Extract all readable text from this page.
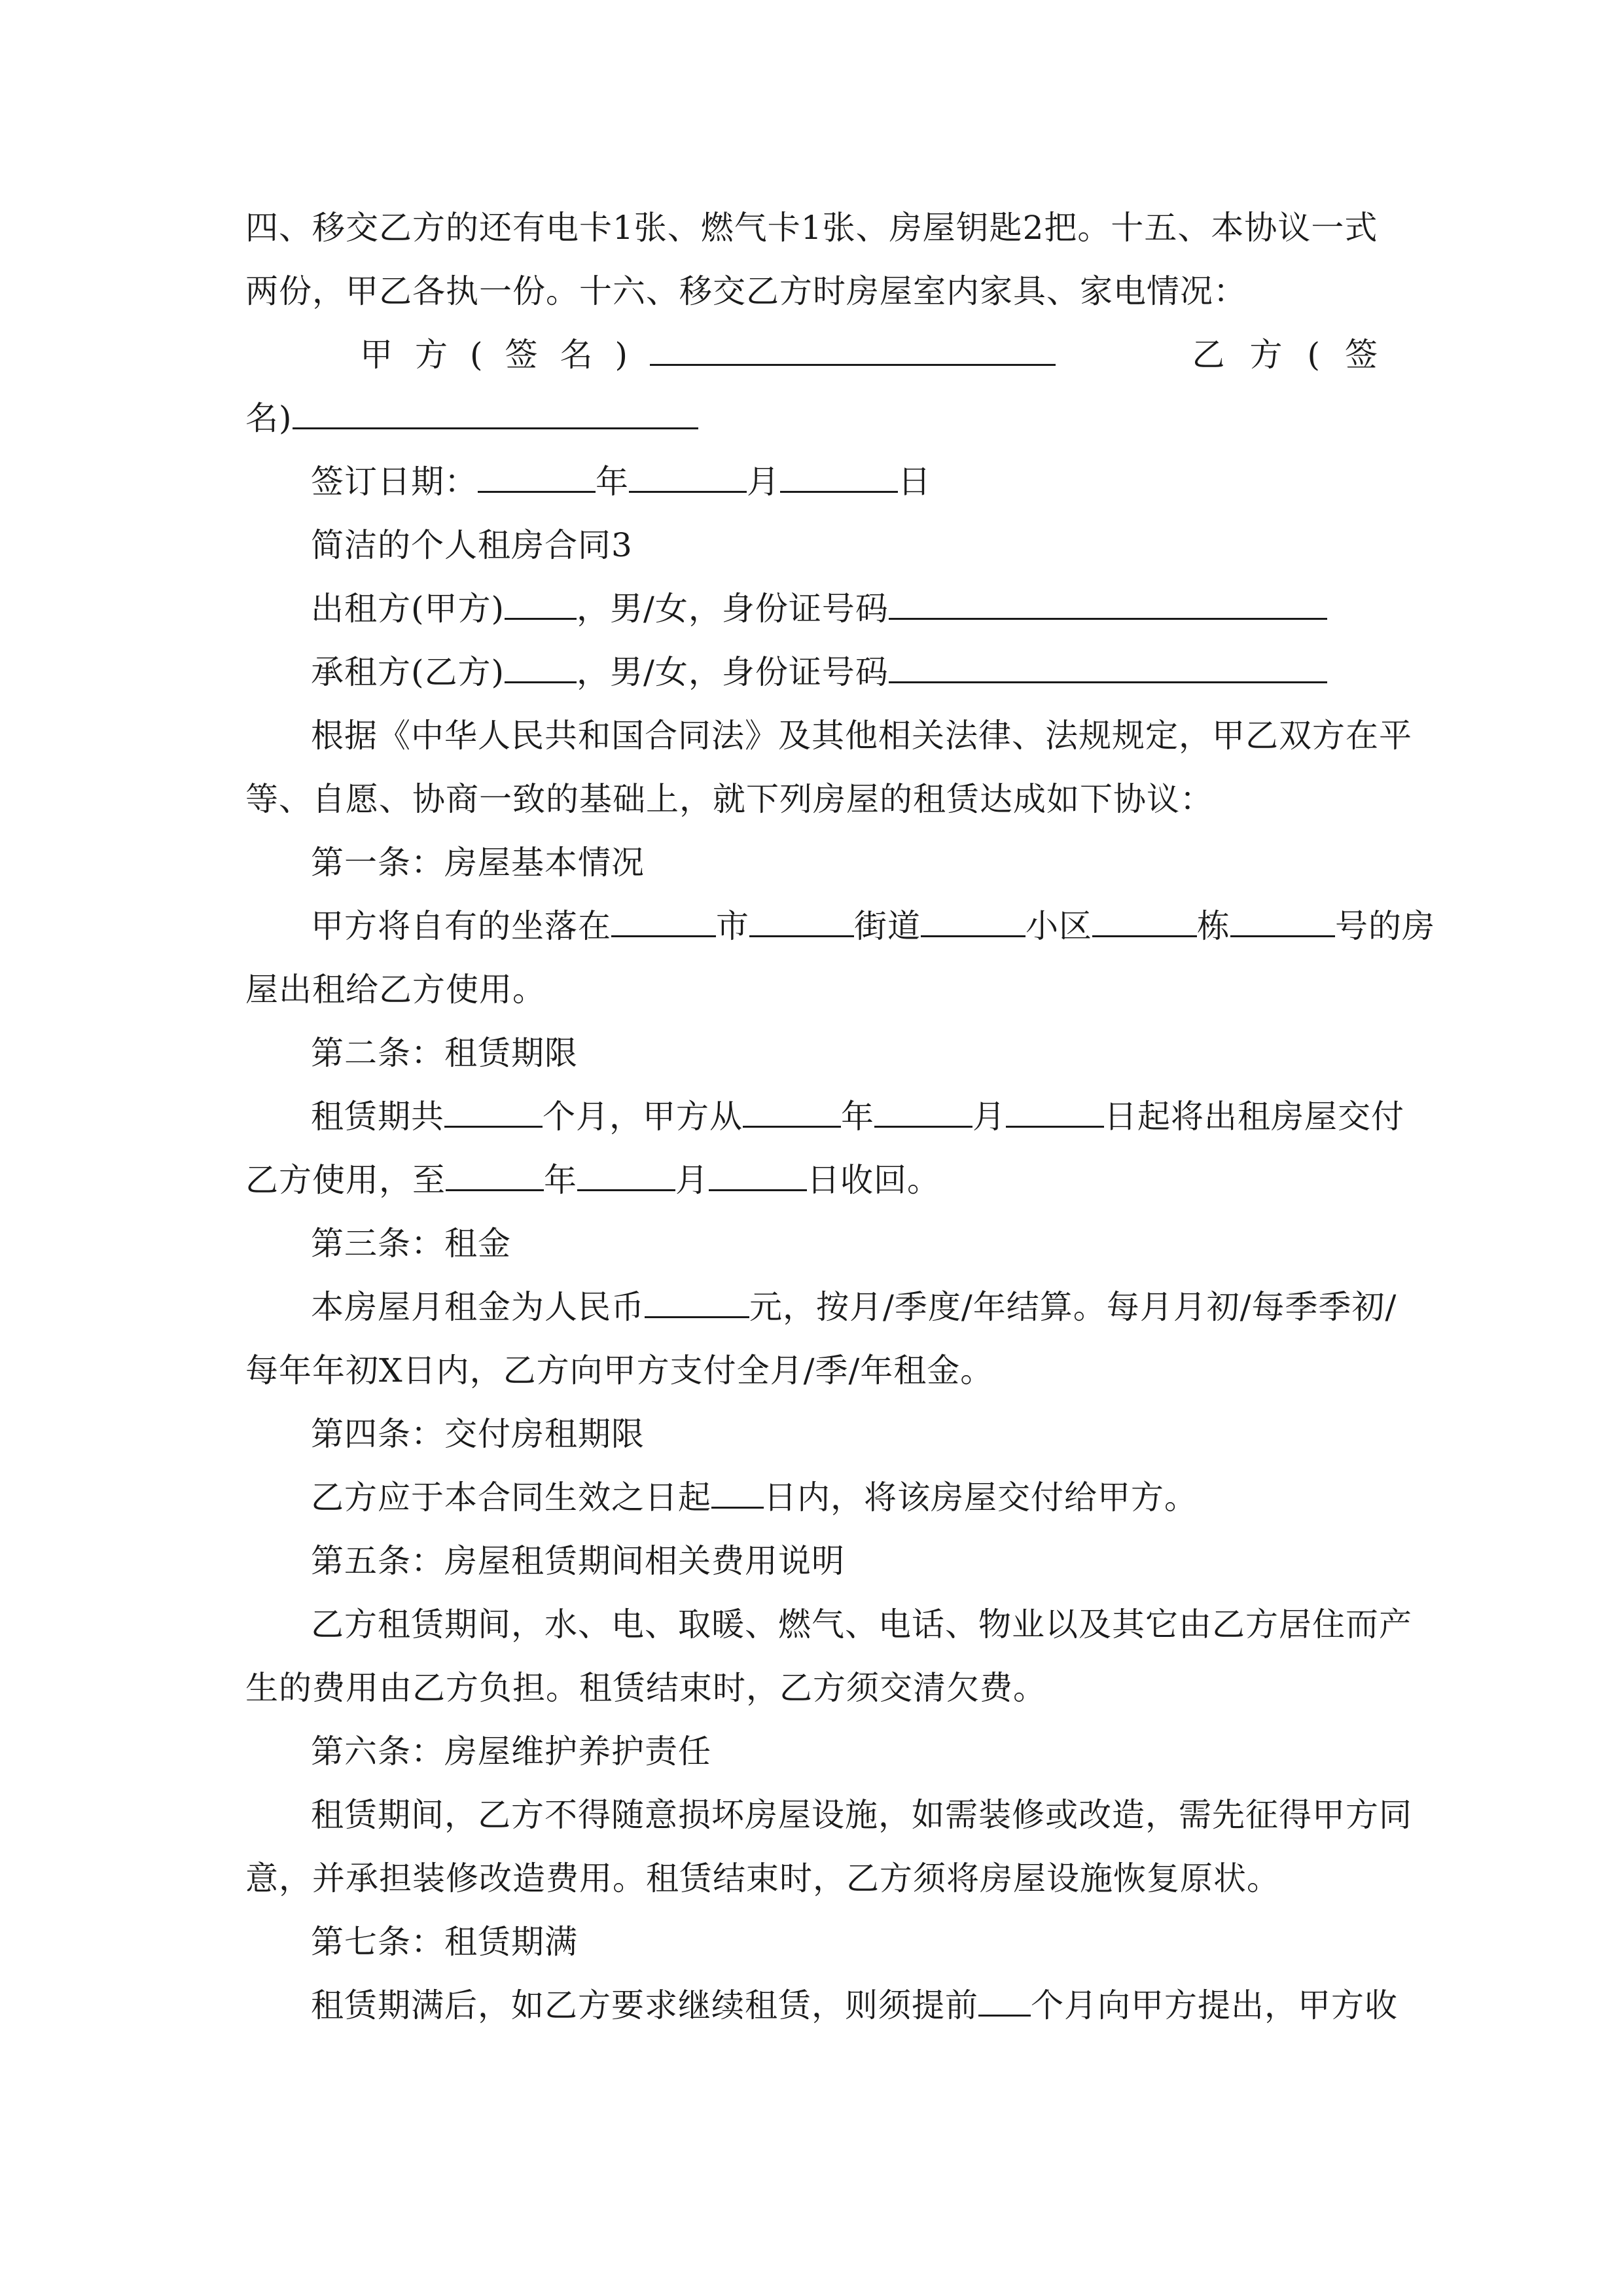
四、移交乙方的还有电卡1张、燃气卡1张、房屋钥匙2把。十五、本协议一式
两份，甲乙各执一份。十六、移交乙方时房屋室内家具、家电情况：
甲方(签名)	乙方(签
名)
签订日期：	年	月	日
简洁的个人租房合同3
出租方(甲方) ，男/女，身份证号码
承租方(乙方) ，男/女，身份证号码
根据《中华人民共和国合同法》及其他相关法律、法规规定，甲乙双方在平
等、自愿、协商一致的基础上，就下列房屋的租赁达成如下协议：
第一条：房屋基本情况
甲方将自有的坐落在	市	街道	小区	栋	号的房
屋出租给乙方使用。
第二条：租赁期限
租赁期共	个月，甲方从	年	月	日起将出租房屋交付
乙方使用，至	年	月	日收回。
第三条：租金
本房屋月租金为人民币	元，按月/季度/年结算。每月月初/每季季初/
每年年初X日内，乙方向甲方支付全月/季/年租金。
第四条：交付房租期限
乙方应于本合同生效之日起 日内，将该房屋交付给甲方。
第五条：房屋租赁期间相关费用说明
乙方租赁期间，水、电、取暖、燃气、电话、物业以及其它由乙方居住而产
生的费用由乙方负担。租赁结束时，乙方须交清欠费。
第六条：房屋维护养护责任
租赁期间，乙方不得随意损坏房屋设施，如需装修或改造，需先征得甲方同
意，并承担装修改造费用。租赁结束时，乙方须将房屋设施恢复原状。
第七条：租赁期满
租赁期满后，如乙方要求继续租赁，则须提前 个月向甲方提出，甲方收
